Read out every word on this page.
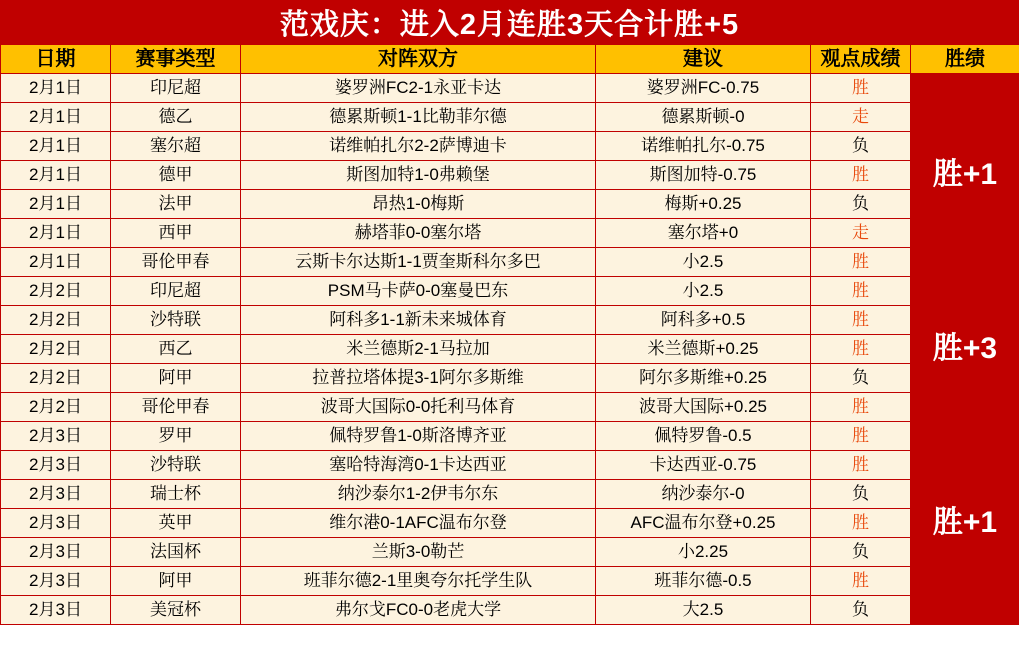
范戏庆：进入2月连胜3天合计胜+5
日期	赛事类型	对阵双方	建议	观点成绩	胜绩
2月1日	印尼超	婆罗洲FC2-1永亚卡达	婆罗洲FC-0.75	胜	胜+1
2月1日	德乙	德累斯顿1-1比勒菲尔德	德累斯顿-0	走	
2月1日	塞尔超	诺维帕扎尔2-2萨博迪卡	诺维帕扎尔-0.75	负	
2月1日	德甲	斯图加特1-0弗赖堡	斯图加特-0.75	胜	
2月1日	法甲	昂热1-0梅斯	梅斯+0.25	负	
2月1日	西甲	赫塔菲0-0塞尔塔	塞尔塔+0	走	
2月1日	哥伦甲春	云斯卡尔达斯1-1贾奎斯科尔多巴	小2.5	胜	
2月2日	印尼超	PSM马卡萨0-0塞曼巴东	小2.5	胜	胜+3
2月2日	沙特联	阿科多1-1新未来城体育	阿科多+0.5	胜	
2月2日	西乙	米兰德斯2-1马拉加	米兰德斯+0.25	胜	
2月2日	阿甲	拉普拉塔体提3-1阿尔多斯维	阿尔多斯维+0.25	负	
2月2日	哥伦甲春	波哥大国际0-0托利马体育	波哥大国际+0.25	胜	
2月3日	罗甲	佩特罗鲁1-0斯洛博齐亚	佩特罗鲁-0.5	胜	胜+1
2月3日	沙特联	塞哈特海湾0-1卡达西亚	卡达西亚-0.75	胜	
2月3日	瑞士杯	纳沙泰尔1-2伊韦尔东	纳沙泰尔-0	负	
2月3日	英甲	维尔港0-1AFC温布尔登	AFC温布尔登+0.25	胜	
2月3日	法国杯	兰斯3-0勒芒	小2.25	负	
2月3日	阿甲	班菲尔德2-1里奥夸尔托学生队	班菲尔德-0.5	胜	
2月3日	美冠杯	弗尔戈FC0-0老虎大学	大2.5	负	
